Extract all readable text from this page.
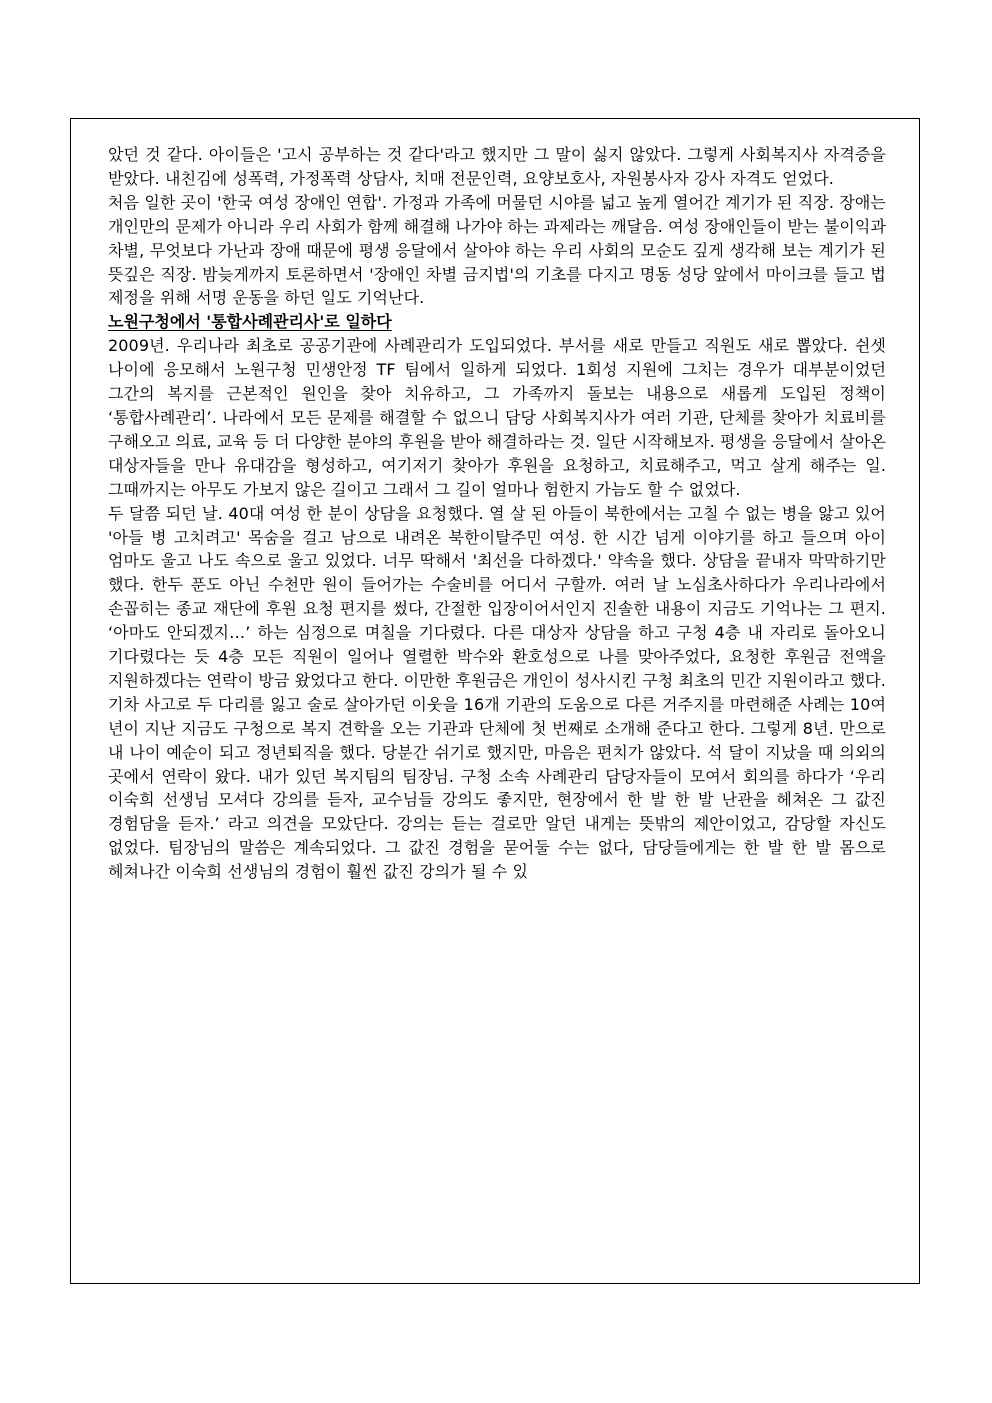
았던 것 같다. 아이들은 '고시 공부하는 것 같다'라고 했지만 그 말이 싫지 않았다. 그렇게 사회복지사 자격증을 받았다. 내친김에 성폭력, 가정폭력 상담사, 치매 전문인력, 요양보호사, 자원봉사자 강사 자격도 얻었다.

처음 일한 곳이 '한국 여성 장애인 연합'. 가정과 가족에 머물던 시야를 넓고 높게 열어간 계기가 된 직장. 장애는 개인만의 문제가 아니라 우리 사회가 함께 해결해 나가야 하는 과제라는 깨달음. 여성 장애인들이 받는 불이익과 차별, 무엇보다 가난과 장애 때문에 평생 응달에서 살아야 하는 우리 사회의 모순도 깊게 생각해 보는 계기가 된 뜻깊은 직장. 밤늦게까지 토론하면서 '장애인 차별 금지법'의 기초를 다지고 명동 성당 앞에서 마이크를 들고 법 제정을 위해 서명 운동을 하던 일도 기억난다.

노원구청에서 '통합사례관리사'로 일하다

2009년. 우리나라 최초로 공공기관에 사례관리가 도입되었다. 부서를 새로 만들고 직원도 새로 뽑았다. 쉰셋 나이에 응모해서 노원구청 민생안정 TF 팀에서 일하게 되었다. 1회성 지원에 그치는 경우가 대부분이었던 그간의 복지를 근본적인 원인을 찾아 치유하고, 그 가족까지 돌보는 내용으로 새롭게 도입된 정책이 ‘통합사례관리’. 나라에서 모든 문제를 해결할 수 없으니 담당 사회복지사가 여러 기관, 단체를 찾아가 치료비를 구해오고 의료, 교육 등 더 다양한 분야의 후원을 받아 해결하라는 것. 일단 시작해보자. 평생을 응달에서 살아온 대상자들을 만나 유대감을 형성하고, 여기저기 찾아가 후원을 요청하고, 치료해주고, 먹고 살게 해주는 일. 그때까지는 아무도 가보지 않은 길이고 그래서 그 길이 얼마나 험한지 가늠도 할 수 없었다.

두 달쯤 되던 날. 40대 여성 한 분이 상담을 요청했다. 열 살 된 아들이 북한에서는 고칠 수 없는 병을 앓고 있어 '아들 병 고치려고' 목숨을 걸고 남으로 내려온 북한이탈주민 여성. 한 시간 넘게 이야기를 하고 들으며 아이 엄마도 울고 나도 속으로 울고 있었다. 너무 딱해서 '최선을 다하겠다.' 약속을 했다. 상담을 끝내자 막막하기만 했다. 한두 푼도 아닌 수천만 원이 들어가는 수술비를 어디서 구할까. 여러 날 노심초사하다가 우리나라에서 손꼽히는 종교 재단에 후원 요청 편지를 썼다, 간절한 입장이어서인지 진솔한 내용이 지금도 기억나는 그 편지. ‘아마도 안되겠지…’ 하는 심정으로 며칠을 기다렸다. 다른 대상자 상담을 하고 구청 4층 내 자리로 돌아오니 기다렸다는 듯 4층 모든 직원이 일어나 열렬한 박수와 환호성으로 나를 맞아주었다, 요청한 후원금 전액을 지원하겠다는 연락이 방금 왔었다고 한다. 이만한 후원금은 개인이 성사시킨 구청 최초의 민간 지원이라고 했다. 기차 사고로 두 다리를 잃고 술로 살아가던 이웃을 16개 기관의 도움으로 다른 거주지를 마련해준 사례는 10여 년이 지난 지금도 구청으로 복지 견학을 오는 기관과 단체에 첫 번째로 소개해 준다고 한다. 그렇게 8년. 만으로 내 나이 예순이 되고 정년퇴직을 했다. 당분간 쉬기로 했지만, 마음은 편치가 않았다. 석 달이 지났을 때 의외의 곳에서 연락이 왔다. 내가 있던 복지팀의 팀장님. 구청 소속 사례관리 담당자들이 모여서 회의를 하다가 ‘우리 이숙희 선생님 모셔다 강의를 듣자, 교수님들 강의도 좋지만, 현장에서 한 발 한 발 난관을 헤쳐온 그 값진 경험담을 듣자.’ 라고 의견을 모았단다. 강의는 듣는 걸로만 알던 내게는 뜻밖의 제안이었고, 감당할 자신도 없었다. 팀장님의 말씀은 계속되었다. 그 값진 경험을 묻어둘 수는 없다, 담당들에게는 한 발 한 발 몸으로 헤쳐나간 이숙희 선생님의 경험이 훨씬 값진 강의가 될 수 있
